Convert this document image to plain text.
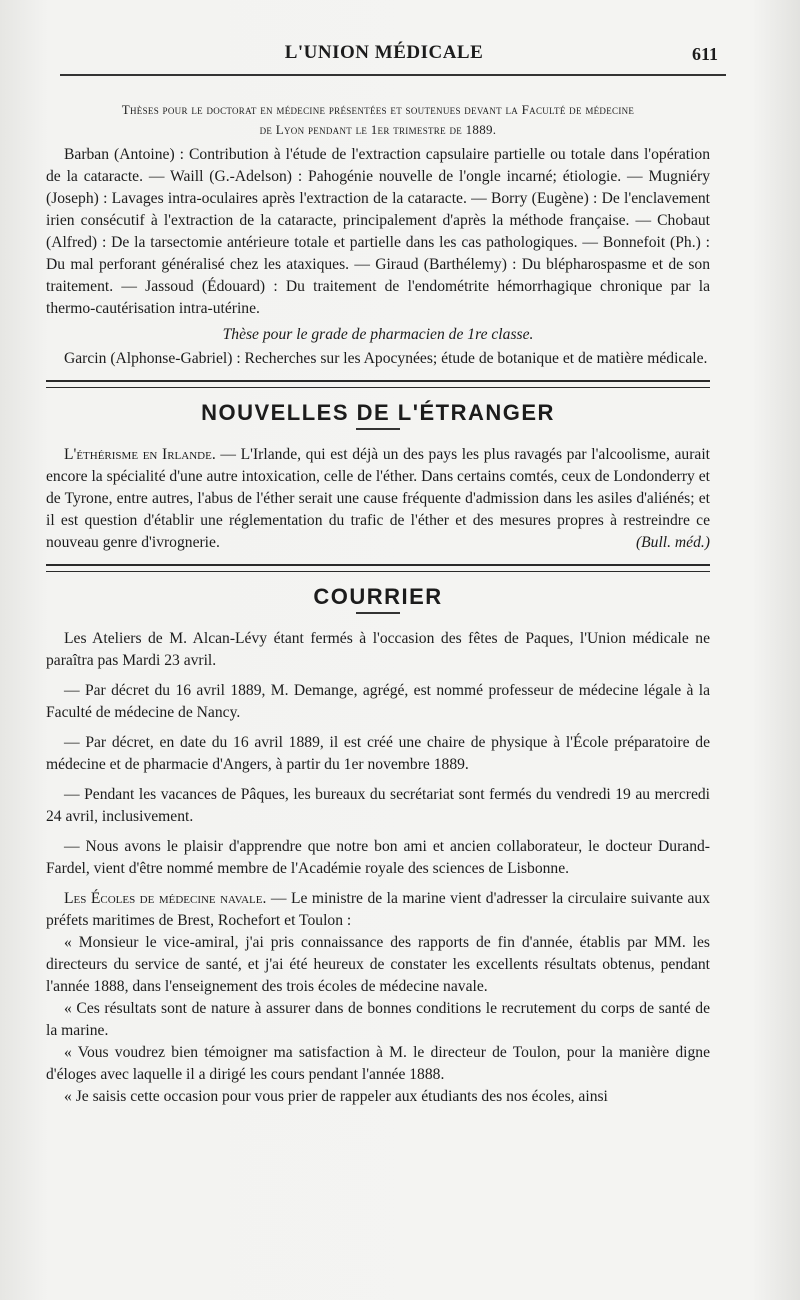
L'UNION MÉDICALE	611
Thèses pour le doctorat en médecine présentées et soutenues devant la Faculté de médecine
de Lyon pendant le 1er trimestre de 1889.

Barban (Antoine) : Contribution à l'étude de l'extraction capsulaire partielle ou totale dans l'opération de la cataracte. — Waill (G.-Adelson) : Pahogénie nouvelle de l'ongle incarné; étiologie. — Mugniéry (Joseph) : Lavages intra-oculaires après l'extraction de la cataracte. — Borry (Eugène) : De l'enclavement irien consécutif à l'extraction de la cataracte, principalement d'après la méthode française. — Chobaut (Alfred) : De la tarsectomie antérieure totale et partielle dans les cas pathologiques. — Bonnefoit (Ph.) : Du mal perforant généralisé chez les ataxiques. — Giraud (Barthélemy) : Du blépharospasme et de son traitement. — Jassoud (Édouard) : Du traitement de l'endométrite hémorrhagique chronique par la thermo-cautérisation intra-utérine.

Thèse pour le grade de pharmacien de 1re classe.

Garcin (Alphonse-Gabriel) : Recherches sur les Apocynées; étude de botanique et de matière médicale.

NOUVELLES DE L'ÉTRANGER

L'éthérisme en Irlande. — L'Irlande, qui est déjà un des pays les plus ravagés par l'alcoolisme, aurait encore la spécialité d'une autre intoxication, celle de l'éther. Dans certains comtés, ceux de Londonderry et de Tyrone, entre autres, l'abus de l'éther serait une cause fréquente d'admission dans les asiles d'aliénés; et il est question d'établir une réglementation du trafic de l'éther et des mesures propres à restreindre ce nouveau genre d'ivrognerie.	(Bull. méd.)

COURRIER

Les Ateliers de M. Alcan-Lévy étant fermés à l'occasion des fêtes de Paques, l'Union médicale ne paraîtra pas Mardi 23 avril.

— Par décret du 16 avril 1889, M. Demange, agrégé, est nommé professeur de médecine légale à la Faculté de médecine de Nancy.

— Par décret, en date du 16 avril 1889, il est créé une chaire de physique à l'École préparatoire de médecine et de pharmacie d'Angers, à partir du 1er novembre 1889.

— Pendant les vacances de Pâques, les bureaux du secrétariat sont fermés du vendredi 19 au mercredi 24 avril, inclusivement.

— Nous avons le plaisir d'apprendre que notre bon ami et ancien collaborateur, le docteur Durand-Fardel, vient d'être nommé membre de l'Académie royale des sciences de Lisbonne.

Les Écoles de médecine navale. — Le ministre de la marine vient d'adresser la circulaire suivante aux préfets maritimes de Brest, Rochefort et Toulon :

« Monsieur le vice-amiral, j'ai pris connaissance des rapports de fin d'année, établis par MM. les directeurs du service de santé, et j'ai été heureux de constater les excellents résultats obtenus, pendant l'année 1888, dans l'enseignement des trois écoles de médecine navale.

« Ces résultats sont de nature à assurer dans de bonnes conditions le recrutement du corps de santé de la marine.

« Vous voudrez bien témoigner ma satisfaction à M. le directeur de Toulon, pour la manière digne d'éloges avec laquelle il a dirigé les cours pendant l'année 1888.

« Je saisis cette occasion pour vous prier de rappeler aux étudiants des nos écoles, ainsi
